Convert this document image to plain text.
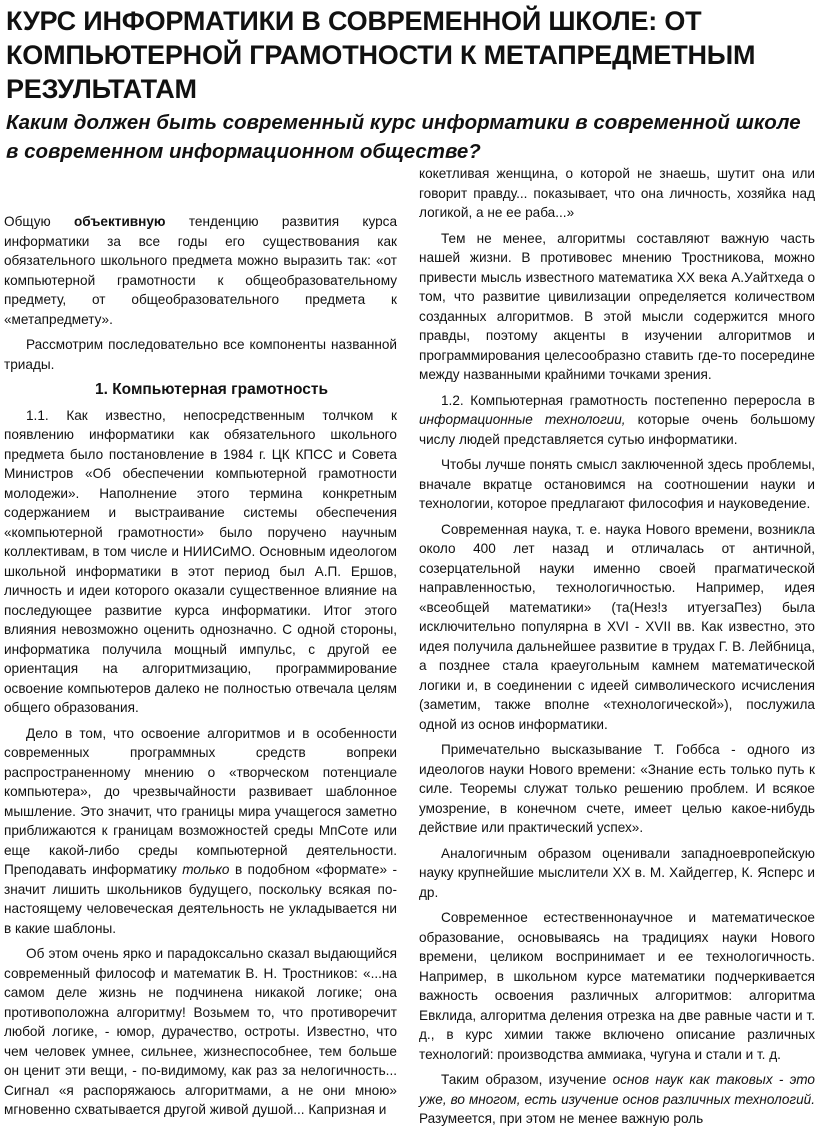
КУРС ИНФОРМАТИКИ В СОВРЕМЕННОЙ ШКОЛЕ: ОТ КОМПЬЮТЕРНОЙ ГРАМОТНОСТИ К МЕТАПРЕДМЕТНЫМ РЕЗУЛЬТАТАМ
Каким должен быть современный курс информатики в современной школе в современном информационном обществе?

Общую объективную тенденцию развития курса информатики за все годы его существования как обязательного школьного предмета можно выразить так: «от компьютерной грамотности к общеобразовательному предмету, от общеобразовательного предмета к «метапредмету».

Рассмотрим последовательно все компоненты названной триады.

1. Компьютерная грамотность

1.1. Как известно, непосредственным толчком к появлению информатики как обязательного школьного предмета было постановление в 1984 г. ЦК КПСС и Совета Министров «Об обеспечении компьютерной грамотности молодежи». Наполнение этого термина конкретным содержанием и выстраивание системы обеспечения «компьютерной грамотности» было поручено научным коллективам, в том числе и НИИСиМО. Основным идеологом школьной информатики в этот период был А.П. Ершов, личность и идеи которого оказали существенное влияние на последующее развитие курса информатики. Итог этого влияния невозможно оценить однозначно. С одной стороны, информатика получила мощный импульс, с другой ее ориентация на алгоритмизацию, программирование освоение компьютеров далеко не полностью отвечала целям общего образования.

Дело в том, что освоение алгоритмов и в особенности современных программных средств вопреки распространенному мнению о «творческом потенциале компьютера», до чрезвычайности развивает шаблонное мышление. Это значит, что границы мира учащегося заметно приближаются к границам возможностей среды МпСоте или еще какой-либо среды компьютерной деятельности. Преподавать информатику только в подобном «формате» - значит лишить школьников будущего, поскольку всякая по-настоящему человеческая деятельность не укладывается ни в какие шаблоны.

Об этом очень ярко и парадоксально сказал выдающийся современный философ и математик В. Н. Тростников: «...на самом деле жизнь не подчинена никакой логике; она противоположна алгоритму! Возьмем то, что противоречит любой логике, - юмор, дурачество, остроты. Известно, что чем человек умнее, сильнее, жизнеспособнее, тем больше он ценит эти вещи, - по-видимому, как раз за нелогичность... Сигнал «я распоряжаюсь алгоритмами, а не они мною» мгновенно схватывается другой живой душой... Капризная и

кокетливая женщина, о которой не знаешь, шутит она или говорит правду... показывает, что она личность, хозяйка над логикой, а не ее раба...»

Тем не менее, алгоритмы составляют важную часть нашей жизни. В противовес мнению Тростникова, можно привести мысль известного математика XX века А.Уайтхеда о том, что развитие цивилизации определяется количеством созданных алгоритмов. В этой мысли содержится много правды, поэтому акценты в изучении алгоритмов и программирования целесообразно ставить где-то посередине между названными крайними точками зрения.

1.2. Компьютерная грамотность постепенно переросла в информационные технологии, которые очень большому числу людей представляется сутью информатики.

Чтобы лучше понять смысл заключенной здесь проблемы, вначале вкратце остановимся на соотношении науки и технологии, которое предлагают философия и науковедение.

Современная наука, т. е. наука Нового времени, возникла около 400 лет назад и отличалась от античной, созерцательной науки именно своей прагматической направленностью, технологичностью. Например, идея «всеобщей математики» (та(Нез!з итуегзаПез) была исключительно популярна в XVI - XVII вв. Как известно, это идея получила дальнейшее развитие в трудах Г. В. Лейбница, а позднее стала краеугольным камнем математической логики и, в соединении с идеей символического исчисления (заметим, также вполне «технологической»), послужила одной из основ информатики.

Примечательно высказывание Т. Гоббса - одного из идеологов науки Нового времени: «Знание есть только путь к силе. Теоремы служат только решению проблем. И всякое умозрение, в конечном счете, имеет целью какое-нибудь действие или практический успех».

Аналогичным образом оценивали западноевропейскую науку крупнейшие мыслители XX в. М. Хайдеггер, К. Ясперс и др.

Современное естественнонаучное и математическое образование, основываясь на традициях науки Нового времени, целиком воспринимает и ее технологичность. Например, в школьном курсе математики подчеркивается важность освоения различных алгоритмов: алгоритма Евклида, алгоритма деления отрезка на две равные части и т. д., в курс химии также включено описание различных технологий: производства аммиака, чугуна и стали и т. д.

Таким образом, изучение основ наук как таковых - это уже, во многом, есть изучение основ различных технологий. Разумеется, при этом не менее важную роль
